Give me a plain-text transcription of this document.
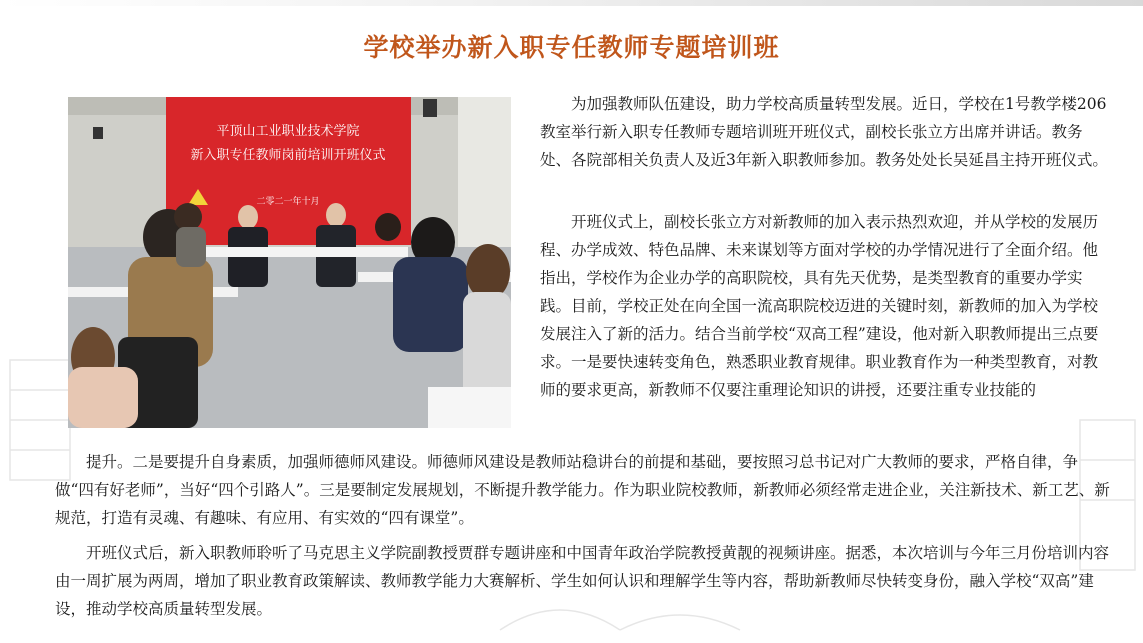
学校举办新入职专任教师专题培训班
平顶山工业职业技术学院
新入职专任教师岗前培训开班仪式
二零二一年十月

为加强教师队伍建设，助力学校高质量转型发展。近日，学校在1号教学楼206教室举行新入职专任教师专题培训班开班仪式，副校长张立方出席并讲话。教务处、各院部相关负责人及近3年新入职教师参加。教务处处长吴延昌主持开班仪式。

开班仪式上，副校长张立方对新教师的加入表示热烈欢迎，并从学校的发展历程、办学成效、特色品牌、未来谋划等方面对学校的办学情况进行了全面介绍。他指出，学校作为企业办学的高职院校，具有先天优势，是类型教育的重要办学实践。目前，学校正处在向全国一流高职院校迈进的关键时刻，新教师的加入为学校发展注入了新的活力。结合当前学校“双高工程”建设，他对新入职教师提出三点要求。一是要快速转变角色，熟悉职业教育规律。职业教育作为一种类型教育，对教师的要求更高，新教师不仅要注重理论知识的讲授，还要注重专业技能的

提升。二是要提升自身素质，加强师德师风建设。师德师风建设是教师站稳讲台的前提和基础，要按照习总书记对广大教师的要求，严格自律，争做“四有好老师”，当好“四个引路人”。三是要制定发展规划，不断提升教学能力。作为职业院校教师，新教师必须经常走进企业，关注新技术、新工艺、新规范，打造有灵魂、有趣味、有应用、有实效的“四有课堂”。

开班仪式后，新入职教师聆听了马克思主义学院副教授贾群专题讲座和中国青年政治学院教授黄靓的视频讲座。据悉，本次培训与今年三月份培训内容由一周扩展为两周，增加了职业教育政策解读、教师教学能力大赛解析、学生如何认识和理解学生等内容，帮助新教师尽快转变身份，融入学校“双高”建设，推动学校高质量转型发展。
